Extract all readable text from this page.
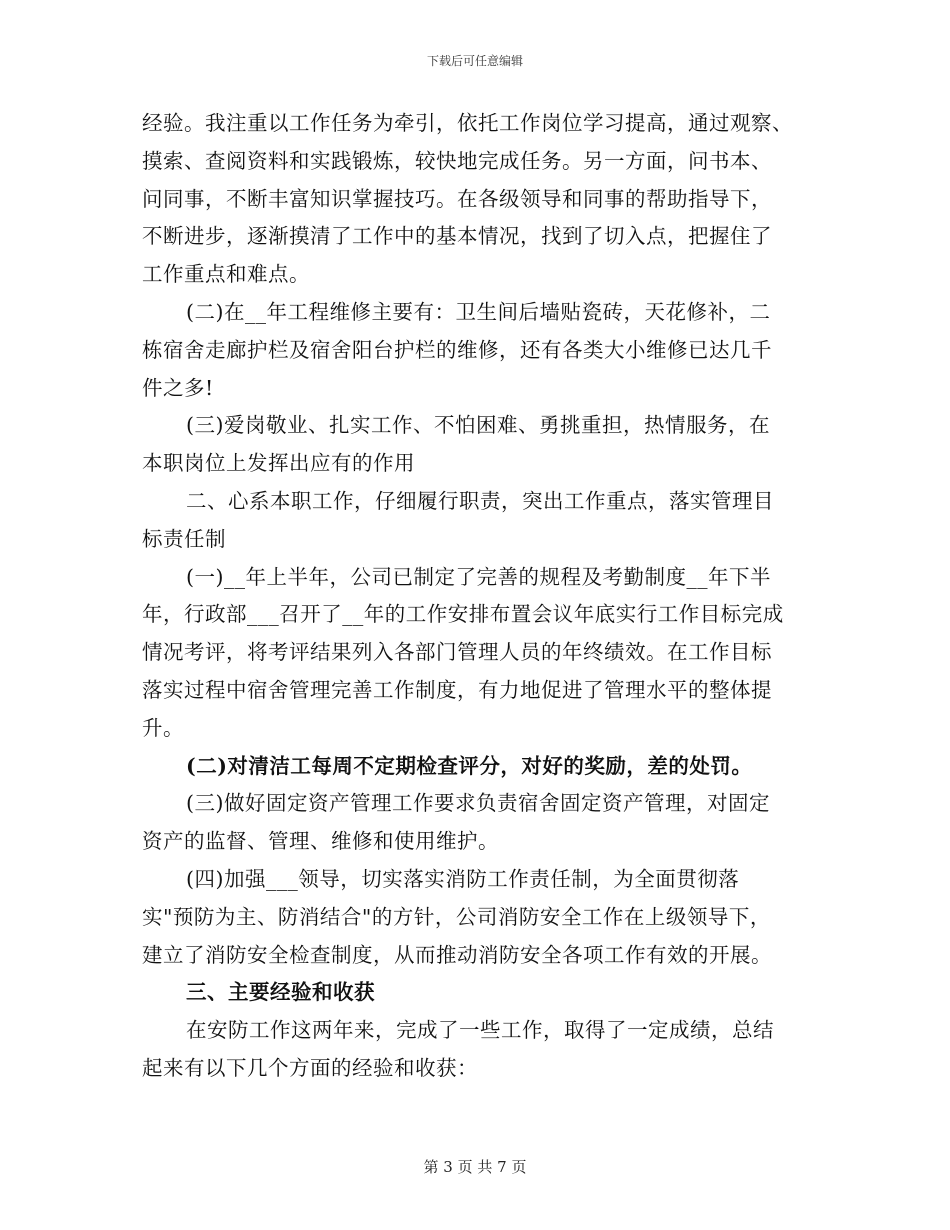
下载后可任意编辑
经验。我注重以工作任务为牵引，依托工作岗位学习提高，通过观察、
摸索、查阅资料和实践锻炼，较快地完成任务。另一方面，问书本、
问同事，不断丰富知识掌握技巧。在各级领导和同事的帮助指导下，
不断进步，逐渐摸清了工作中的基本情况，找到了切入点，把握住了
工作重点和难点。
(二)在__年工程维修主要有：卫生间后墙贴瓷砖，天花修补，二
栋宿舍走廊护栏及宿舍阳台护栏的维修，还有各类大小维修已达几千
件之多!
(三)爱岗敬业、扎实工作、不怕困难、勇挑重担，热情服务，在
本职岗位上发挥出应有的作用
二、心系本职工作，仔细履行职责，突出工作重点，落实管理目
标责任制
(一)__年上半年，公司已制定了完善的规程及考勤制度__年下半
年，行政部___召开了__年的工作安排布置会议年底实行工作目标完成
情况考评，将考评结果列入各部门管理人员的年终绩效。在工作目标
落实过程中宿舍管理完善工作制度，有力地促进了管理水平的整体提
升。
(二)对清洁工每周不定期检查评分，对好的奖励，差的处罚。
(三)做好固定资产管理工作要求负责宿舍固定资产管理，对固定
资产的监督、管理、维修和使用维护。
(四)加强___领导，切实落实消防工作责任制，为全面贯彻落
实"预防为主、防消结合"的方针，公司消防安全工作在上级领导下，
建立了消防安全检查制度，从而推动消防安全各项工作有效的开展。
三、主要经验和收获
在安防工作这两年来，完成了一些工作，取得了一定成绩，总结
起来有以下几个方面的经验和收获：
第 3 页 共 7 页
